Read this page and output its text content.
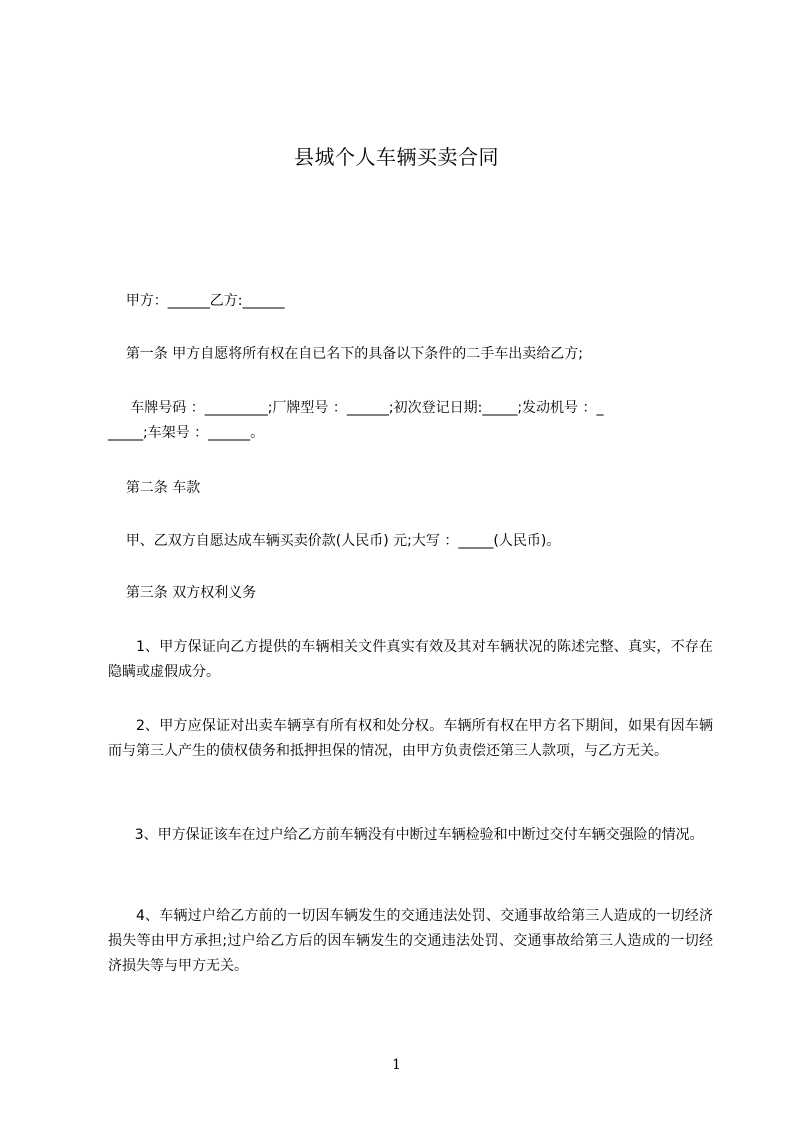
县城个人车辆买卖合同
甲方：______乙方:______
第一条 甲方自愿将所有权在自已名下的具备以下条件的二手车出卖给乙方;
车牌号码 ：_________;厂牌型号 ：______;初次登记日期:_____;发动机号 ：_
_____;车架号 ：______。
第二条 车款
甲、乙双方自愿达成车辆买卖价款(人民币) 元;大写 ：_____(人民币)。
第三条 双方权利义务
1、甲方保证向乙方提供的车辆相关文件真实有效及其对车辆状况的陈述完整、真实，不存在隐瞒或虚假成分。
2、甲方应保证对出卖车辆享有所有权和处分权。车辆所有权在甲方名下期间，如果有因车辆而与第三人产生的债权债务和抵押担保的情况，由甲方负责偿还第三人款项，与乙方无关。
3、甲方保证该车在过户给乙方前车辆没有中断过车辆检验和中断过交付车辆交强险的情况。
4、车辆过户给乙方前的一切因车辆发生的交通违法处罚、交通事故给第三人造成的一切经济损失等由甲方承担;过户给乙方后的因车辆发生的交通违法处罚、交通事故给第三人造成的一切经济损失等与甲方无关。
1
